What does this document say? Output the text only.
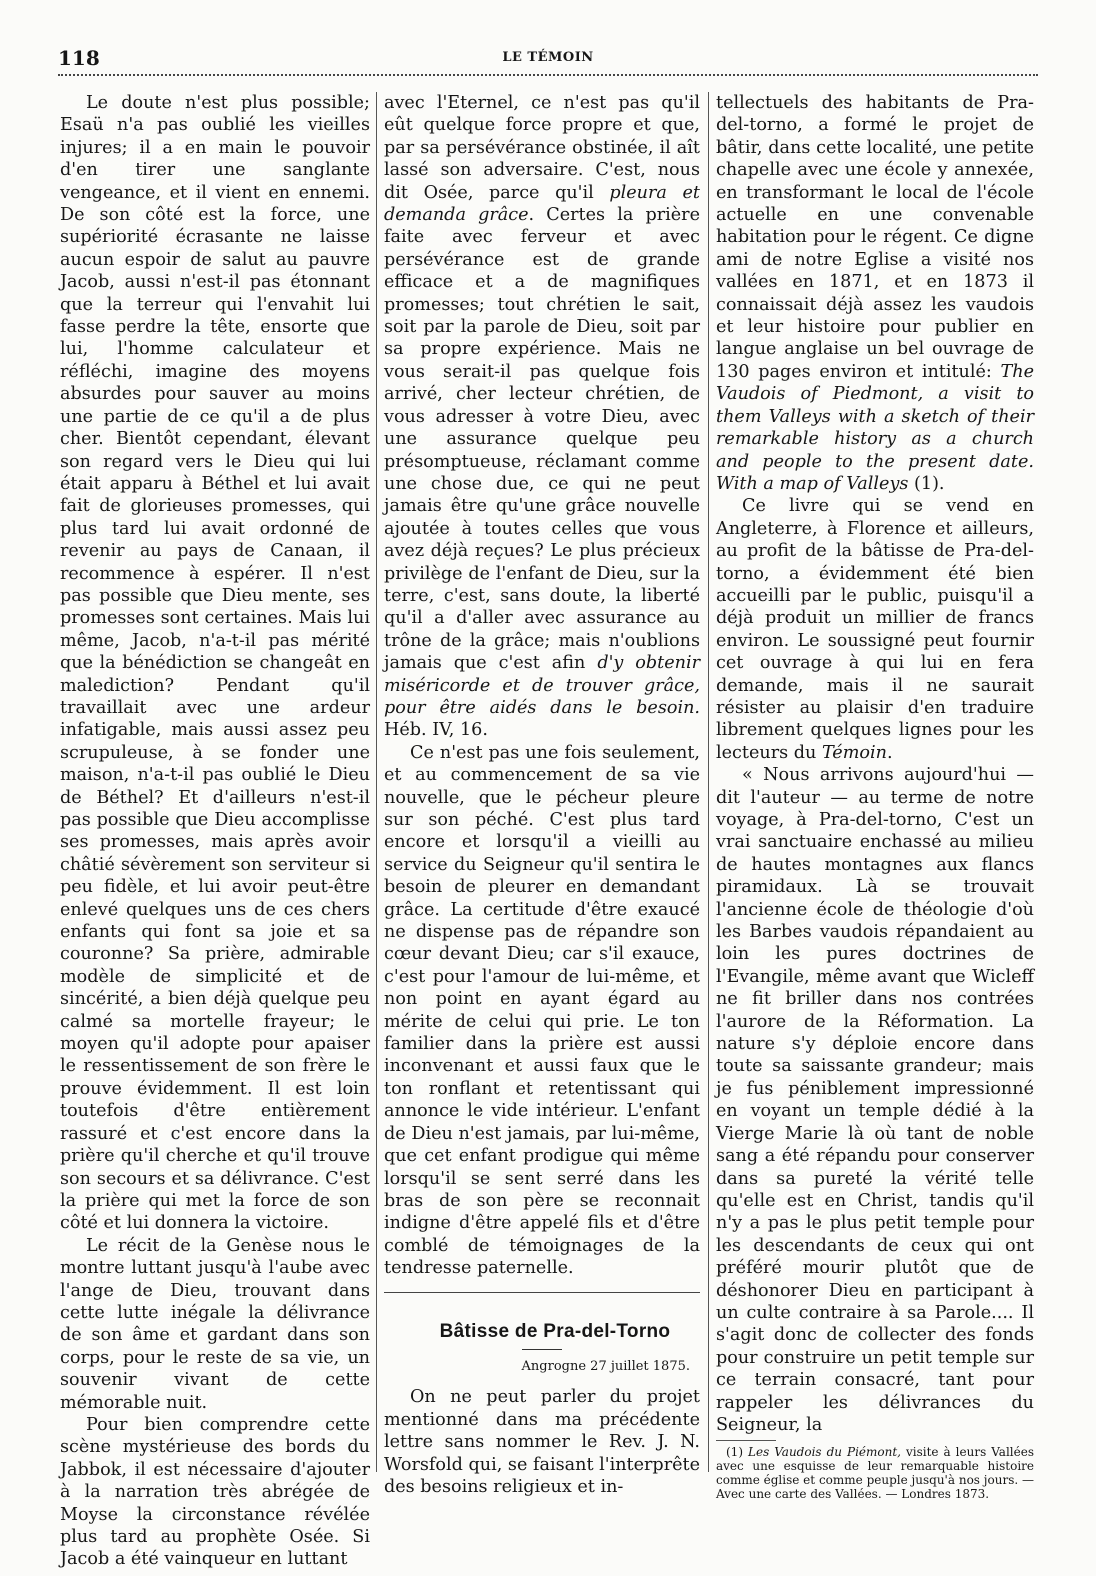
118	LE TÉMOIN

Le doute n'est plus possible; Esaü n'a pas oublié les vieilles injures; il a en main le pouvoir d'en tirer une sanglante vengeance, et il vient en ennemi. De son côté est la force, une supériorité écrasante ne laisse aucun espoir de salut au pauvre Jacob, aussi n'est-il pas étonnant que la terreur qui l'envahit lui fasse perdre la tête, ensorte que lui, l'homme calculateur et réfléchi, imagine des moyens absurdes pour sauver au moins une partie de ce qu'il a de plus cher. Bientôt cependant, élevant son regard vers le Dieu qui lui était apparu à Béthel et lui avait fait de glorieuses promesses, qui plus tard lui avait ordonné de revenir au pays de Canaan, il recommence à espérer. Il n'est pas possible que Dieu mente, ses promesses sont certaines. Mais lui même, Jacob, n'a-t-il pas mérité que la bénédiction se changeât en malediction? Pendant qu'il travaillait avec une ardeur infatigable, mais aussi assez peu scrupuleuse, à se fonder une maison, n'a-t-il pas oublié le Dieu de Béthel? Et d'ailleurs n'est-il pas possible que Dieu accomplisse ses promesses, mais après avoir châtié sévèrement son serviteur si peu fidèle, et lui avoir peut-être enlevé quelques uns de ces chers enfants qui font sa joie et sa couronne? Sa prière, admirable modèle de simplicité et de sincérité, a bien déjà quelque peu calmé sa mortelle frayeur; le moyen qu'il adopte pour apaiser le ressentissement de son frère le prouve évidemment. Il est loin toutefois d'être entièrement rassuré et c'est encore dans la prière qu'il cherche et qu'il trouve son secours et sa délivrance. C'est la prière qui met la force de son côté et lui donnera la victoire.

Le récit de la Genèse nous le montre luttant jusqu'à l'aube avec l'ange de Dieu, trouvant dans cette lutte inégale la délivrance de son âme et gardant dans son corps, pour le reste de sa vie, un souvenir vivant de cette mémorable nuit.

Pour bien comprendre cette scène mystérieuse des bords du Jabbok, il est nécessaire d'ajouter à la narration très abrégée de Moyse la circonstance révélée plus tard au prophète Osée. Si Jacob a été vainqueur en luttant

avec l'Eternel, ce n'est pas qu'il eût quelque force propre et que, par sa persévérance obstinée, il aît lassé son adversaire. C'est, nous dit Osée, parce qu'il pleura et demanda grâce. Certes la prière faite avec ferveur et avec persévérance est de grande efficace et a de magnifiques promesses; tout chrétien le sait, soit par la parole de Dieu, soit par sa propre expérience. Mais ne vous serait-il pas quelque fois arrivé, cher lecteur chrétien, de vous adresser à votre Dieu, avec une assurance quelque peu présomptueuse, réclamant comme une chose due, ce qui ne peut jamais être qu'une grâce nouvelle ajoutée à toutes celles que vous avez déjà reçues? Le plus précieux privilège de l'enfant de Dieu, sur la terre, c'est, sans doute, la liberté qu'il a d'aller avec assurance au trône de la grâce; mais n'oublions jamais que c'est afin d'y obtenir miséricorde et de trouver grâce, pour être aidés dans le besoin. Héb. IV, 16.

Ce n'est pas une fois seulement, et au commencement de sa vie nouvelle, que le pécheur pleure sur son péché. C'est plus tard encore et lorsqu'il a vieilli au service du Seigneur qu'il sentira le besoin de pleurer en demandant grâce. La certitude d'être exaucé ne dispense pas de répandre son cœur devant Dieu; car s'il exauce, c'est pour l'amour de lui-même, et non point en ayant égard au mérite de celui qui prie. Le ton familier dans la prière est aussi inconvenant et aussi faux que le ton ronflant et retentissant qui annonce le vide intérieur. L'enfant de Dieu n'est jamais, par lui-même, que cet enfant prodigue qui même lorsqu'il se sent serré dans les bras de son père se reconnait indigne d'être appelé fils et d'être comblé de témoignages de la tendresse paternelle.

Bâtisse de Pra-del-Torno

Angrogne 27 juillet 1875.

On ne peut parler du projet mentionné dans ma précédente lettre sans nommer le Rev. J. N. Worsfold qui, se faisant l'interprête des besoins religieux et in-

tellectuels des habitants de Pra-del-torno, a formé le projet de bâtir, dans cette localité, une petite chapelle avec une école y annexée, en transformant le local de l'école actuelle en une convenable habitation pour le régent. Ce digne ami de notre Eglise a visité nos vallées en 1871, et en 1873 il connaissait déjà assez les vaudois et leur histoire pour publier en langue anglaise un bel ouvrage de 130 pages environ et intitulé: The Vaudois of Piedmont, a visit to them Valleys with a sketch of their remarkable history as a church and people to the present date. With a map of Valleys (1).

Ce livre qui se vend en Angleterre, à Florence et ailleurs, au profit de la bâtisse de Pra-del-torno, a évidemment été bien accueilli par le public, puisqu'il a déjà produit un millier de francs environ. Le soussigné peut fournir cet ouvrage à qui lui en fera demande, mais il ne saurait résister au plaisir d'en traduire librement quelques lignes pour les lecteurs du Témoin.

« Nous arrivons aujourd'hui — dit l'auteur — au terme de notre voyage, à Pra-del-torno, C'est un vrai sanctuaire enchassé au milieu de hautes montagnes aux flancs piramidaux. Là se trouvait l'ancienne école de théologie d'où les Barbes vaudois répandaient au loin les pures doctrines de l'Evangile, même avant que Wicleff ne fit briller dans nos contrées l'aurore de la Réformation. La nature s'y déploie encore dans toute sa saissante grandeur; mais je fus péniblement impressionné en voyant un temple dédié à la Vierge Marie là où tant de noble sang a été répandu pour conserver dans sa pureté la vérité telle qu'elle est en Christ, tandis qu'il n'y a pas le plus petit temple pour les descendants de ceux qui ont préféré mourir plutôt que de déshonorer Dieu en participant à un culte contraire à sa Parole.... Il s'agit donc de collecter des fonds pour construire un petit temple sur ce terrain consacré, tant pour rappeler les délivrances du Seigneur, la

(1) Les Vaudois du Piémont, visite à leurs Vallées avec une esquisse de leur remarquable histoire comme église et comme peuple jusqu'à nos jours. — Avec une carte des Vallées. — Londres 1873.
